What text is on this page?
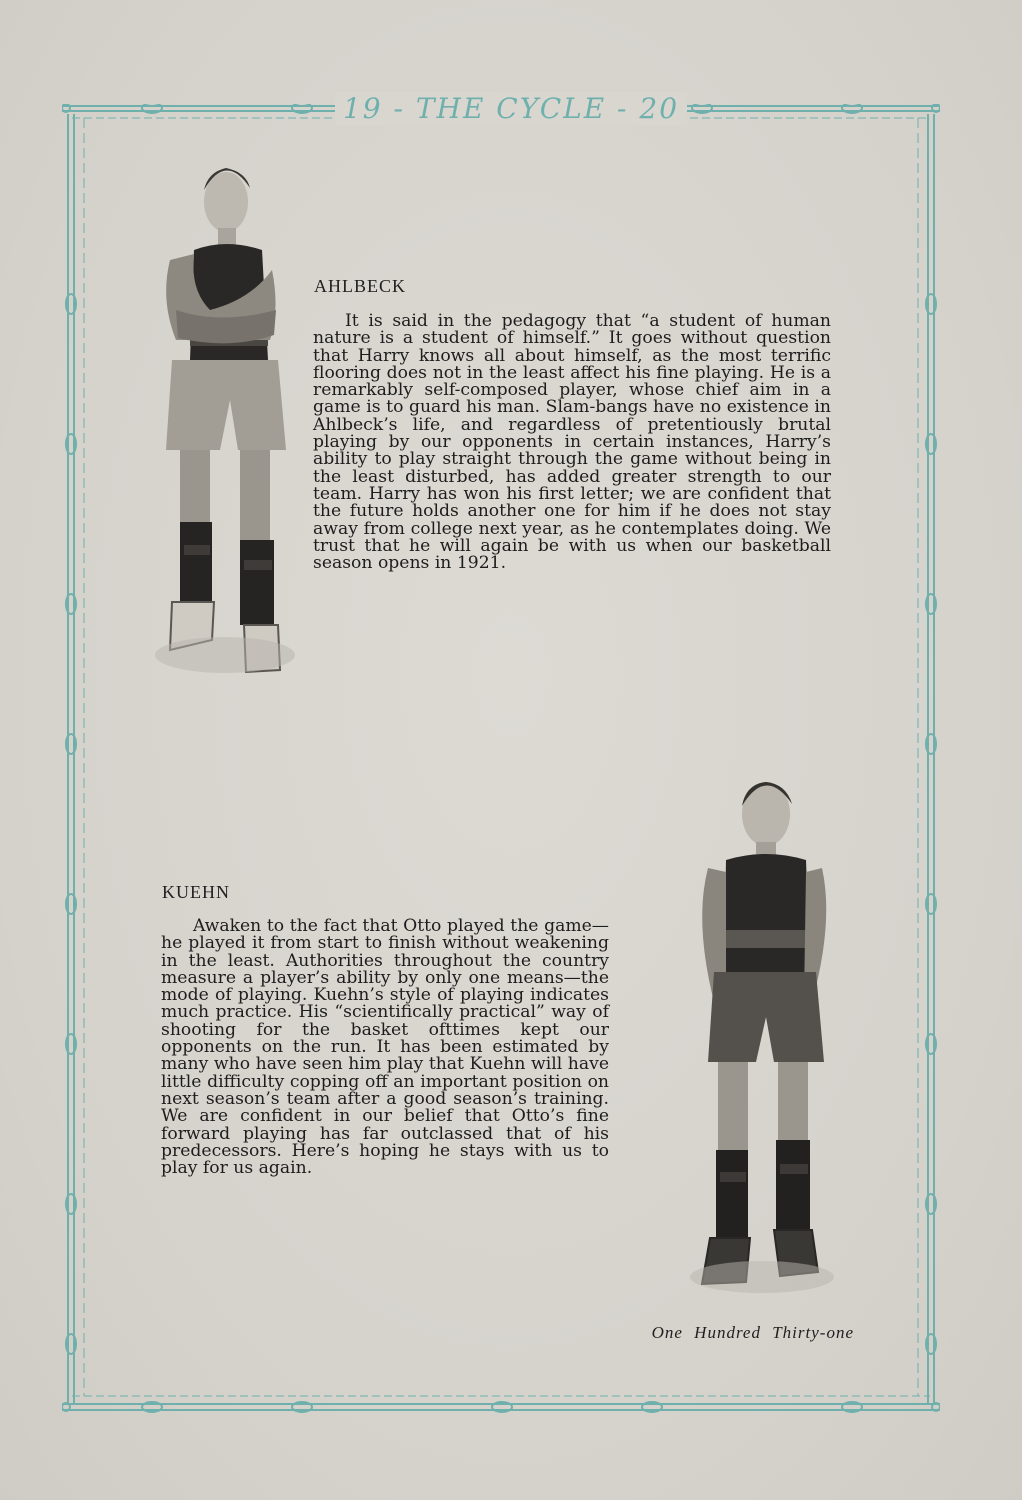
19 - THE CYCLE - 20
AHLBECK

It is said in the pedagogy that “a student of human nature is a student of himself.” It goes without question that Harry knows all about himself, as the most terrific flooring does not in the least affect his fine playing. He is a remarkably self-composed player, whose chief aim in a game is to guard his man. Slam-bangs have no existence in Ahlbeck’s life, and regardless of pretentiously brutal playing by our opponents in certain instances, Harry’s ability to play straight through the game without being in the least disturbed, has added greater strength to our team. Harry has won his first letter; we are confident that the future holds another one for him if he does not stay away from college next year, as he contemplates doing. We trust that he will again be with us when our basketball season opens in 1921.

KUEHN

Awaken to the fact that Otto played the game—he played it from start to finish without weakening in the least. Authorities throughout the country measure a player’s ability by only one means—the mode of playing. Kuehn’s style of playing indicates much practice. His “scientifically practical” way of shooting for the basket ofttimes kept our opponents on the run. It has been estimated by many who have seen him play that Kuehn will have little difficulty copping off an important position on next season’s team after a good season’s training. We are confident in our belief that Otto’s fine forward playing has far outclassed that of his predecessors. Here’s hoping he stays with us to play for us again.

One Hundred Thirty-one
